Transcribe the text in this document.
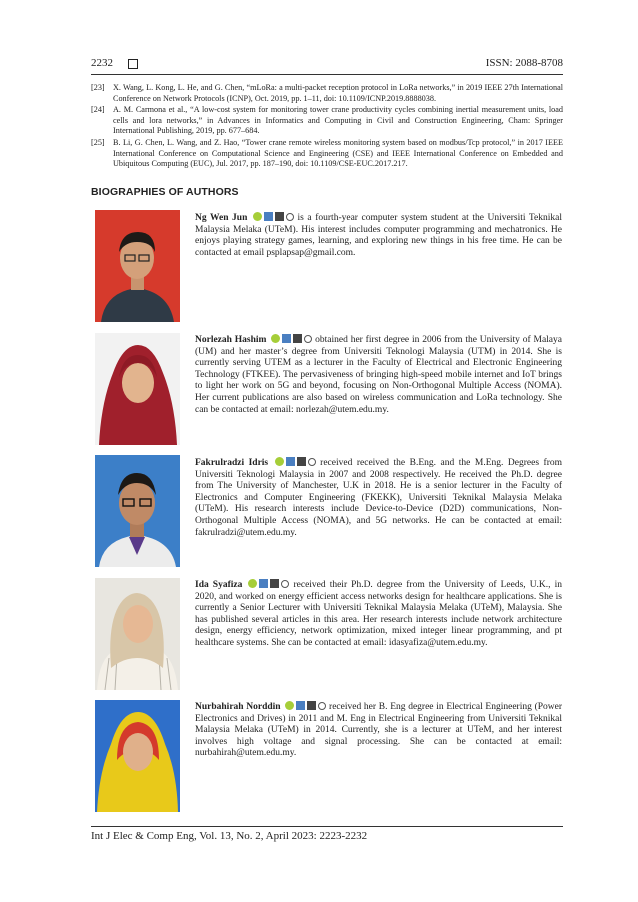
2232	ISSN: 2088-8708
[23]	X. Wang, L. Kong, L. He, and G. Chen, “mLoRa: a multi-packet reception protocol in LoRa networks,” in 2019 IEEE 27th International Conference on Network Protocols (ICNP), Oct. 2019, pp. 1–11, doi: 10.1109/ICNP.2019.8888038.
[24]	A. M. Carmona et al., “A low-cost system for monitoring tower crane productivity cycles combining inertial measurement units, load cells and lora networks,” in Advances in Informatics and Computing in Civil and Construction Engineering, Cham: Springer International Publishing, 2019, pp. 677–684.
[25]	B. Li, G. Chen, L. Wang, and Z. Hao, “Tower crane remote wireless monitoring system based on modbus/Tcp protocol,” in 2017 IEEE International Conference on Computational Science and Engineering (CSE) and IEEE International Conference on Embedded and Ubiquitous Computing (EUC), Jul. 2017, pp. 187–190, doi: 10.1109/CSE-EUC.2017.217.
BIOGRAPHIES OF AUTHORS
Ng Wen Jun	is a fourth-year computer system student at the Universiti Teknikal Malaysia Melaka (UTeM). His interest includes computer programming and mechatronics. He enjoys playing strategy games, learning, and exploring new things in his free time. He can be contacted at email psplapsap@gmail.com.
Norlezah Hashim	obtained her first degree in 2006 from the University of Malaya (UM) and her master’s degree from Universiti Teknologi Malaysia (UTM) in 2014. She is currently serving UTEM as a lecturer in the Faculty of Electrical and Electronic Engineering Technology (FTKEE). The pervasiveness of bringing high-speed mobile internet and IoT brings to light her work on 5G and beyond, focusing on Non-Orthogonal Multiple Access (NOMA). Her current publications are also based on wireless communication and LoRa technology. She can be contacted at email: norlezah@utem.edu.my.
Fakrulradzi Idris	received received the B.Eng. and the M.Eng. Degrees from Universiti Teknologi Malaysia in 2007 and 2008 respectively. He received the Ph.D. degree from The University of Manchester, U.K in 2018. He is a senior lecturer in the Faculty of Electronics and Computer Engineering (FKEKK), Universiti Teknikal Malaysia Melaka (UTeM). His research interests include Device-to-Device (D2D) communications, Non-Orthogonal Multiple Access (NOMA), and 5G networks. He can be contacted at email: fakrulradzi@utem.edu.my.
Ida Syafiza	received their Ph.D. degree from the University of Leeds, U.K., in 2020, and worked on energy efficient access networks design for healthcare applications. She is currently a Senior Lecturer with Universiti Teknikal Malaysia Melaka (UTeM), Malaysia. She has published several articles in this area. Her research interests include network architecture design, energy efficiency, network optimization, mixed integer linear programming, and pt healthcare systems. She can be contacted at email: idasyafiza@utem.edu.my.
Nurbahirah Norddin	received her B. Eng degree in Electrical Engineering (Power Electronics and Drives) in 2011 and M. Eng in Electrical Engineering from Universiti Teknikal Malaysia Melaka (UTeM) in 2014. Currently, she is a lecturer at UTeM, and her interest involves high voltage and signal processing. She can be contacted at email: nurbahirah@utem.edu.my.
Int J Elec & Comp Eng, Vol. 13, No. 2, April 2023: 2223-2232
